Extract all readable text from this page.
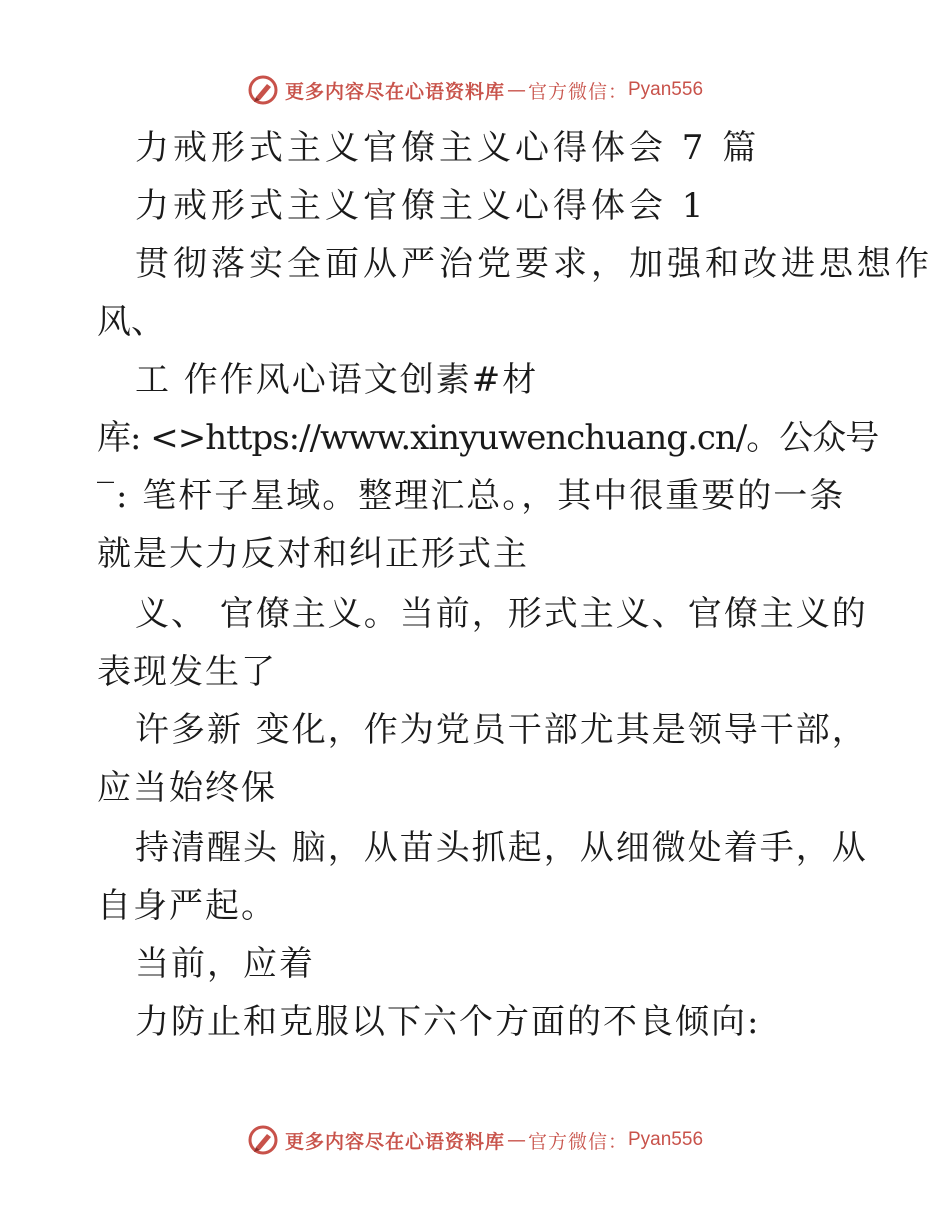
更多内容尽在心语资料库 — 官方微信： Pyan556
力戒形式主义官僚主义心得体会 7 篇
力戒形式主义官僚主义心得体会 1
贯彻落实全面从严治党要求，加强和改进思想作
风、
工 作作风心语文创素#材
库: <>https://www.xinyuwenchuang.cn/。公众号
‾: 笔杆子星域。整理汇总。，其中很重要的一条
就是大力反对和纠正形式主
义、 官僚主义。当前，形式主义、官僚主义的
表现发生了
许多新 变化，作为党员干部尤其是领导干部，
应当始终保
持清醒头 脑，从苗头抓起，从细微处着手，从
自身严起。
当前，应着
力防止和克服以下六个方面的不良倾向:
更多内容尽在心语资料库 — 官方微信： Pyan556
